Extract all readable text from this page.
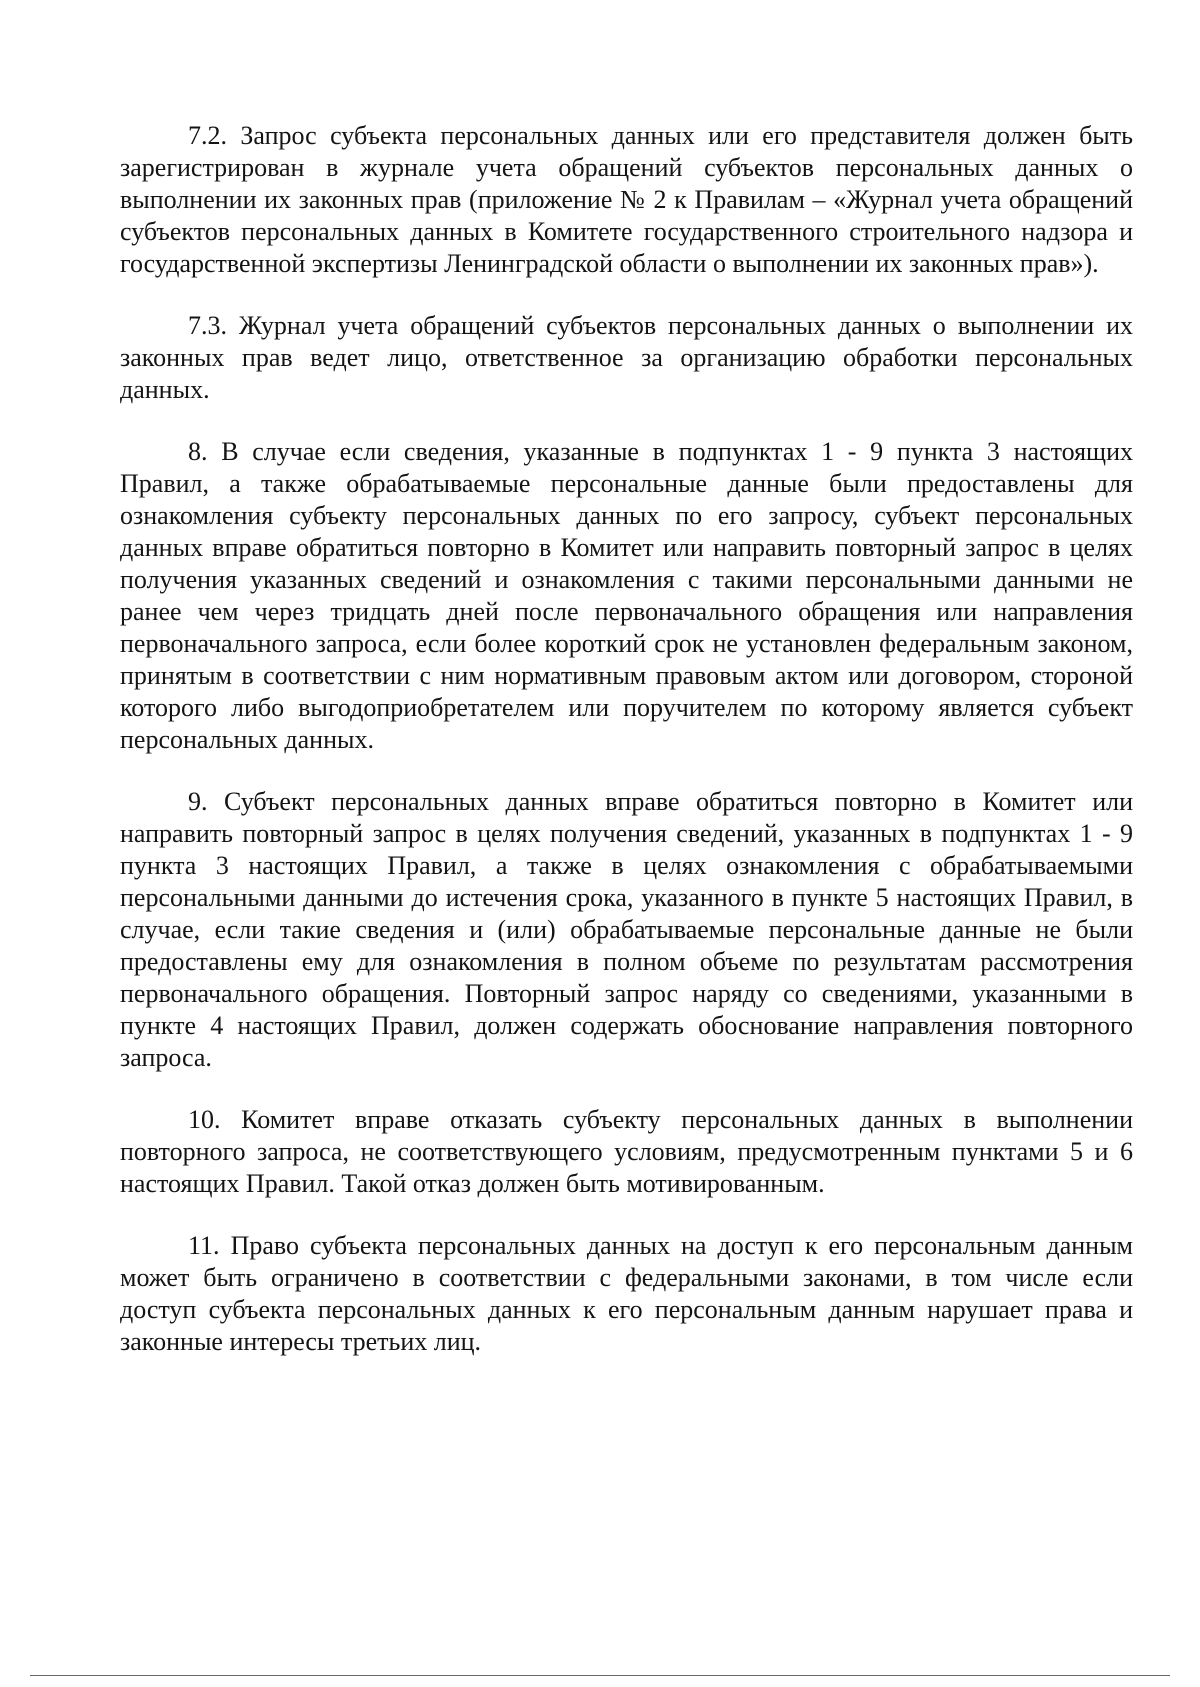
7.2. Запрос субъекта персональных данных или его представителя должен быть зарегистрирован в журнале учета обращений субъектов персональных данных о выполнении их законных прав (приложение № 2 к Правилам – «Журнал учета обращений субъектов персональных данных в Комитете государственного строительного надзора и государственной экспертизы Ленинградской области о выполнении их законных прав»).

7.3. Журнал учета обращений субъектов персональных данных о выполнении их законных прав ведет лицо, ответственное за организацию обработки персональных данных.

8. В случае если сведения, указанные в подпунктах 1 - 9 пункта 3 настоящих Правил, а также обрабатываемые персональные данные были предоставлены для ознакомления субъекту персональных данных по его запросу, субъект персональных данных вправе обратиться повторно в Комитет или направить повторный запрос в целях получения указанных сведений и ознакомления с такими персональными данными не ранее чем через тридцать дней после первоначального обращения или направления первоначального запроса, если более короткий срок не установлен федеральным законом, принятым в соответствии с ним нормативным правовым актом или договором, стороной которого либо выгодоприобретателем или поручителем по которому является субъект персональных данных.

9. Субъект персональных данных вправе обратиться повторно в Комитет или направить повторный запрос в целях получения сведений, указанных в подпунктах 1 - 9 пункта 3 настоящих Правил, а также в целях ознакомления с обрабатываемыми персональными данными до истечения срока, указанного в пункте 5 настоящих Правил, в случае, если такие сведения и (или) обрабатываемые персональные данные не были предоставлены ему для ознакомления в полном объеме по результатам рассмотрения первоначального обращения. Повторный запрос наряду со сведениями, указанными в пункте 4 настоящих Правил, должен содержать обоснование направления повторного запроса.

10. Комитет вправе отказать субъекту персональных данных в выполнении повторного запроса, не соответствующего условиям, предусмотренным пунктами 5 и 6 настоящих Правил. Такой отказ должен быть мотивированным.

11. Право субъекта персональных данных на доступ к его персональным данным может быть ограничено в соответствии с федеральными законами, в том числе если доступ субъекта персональных данных к его персональным данным нарушает права и законные интересы третьих лиц.
